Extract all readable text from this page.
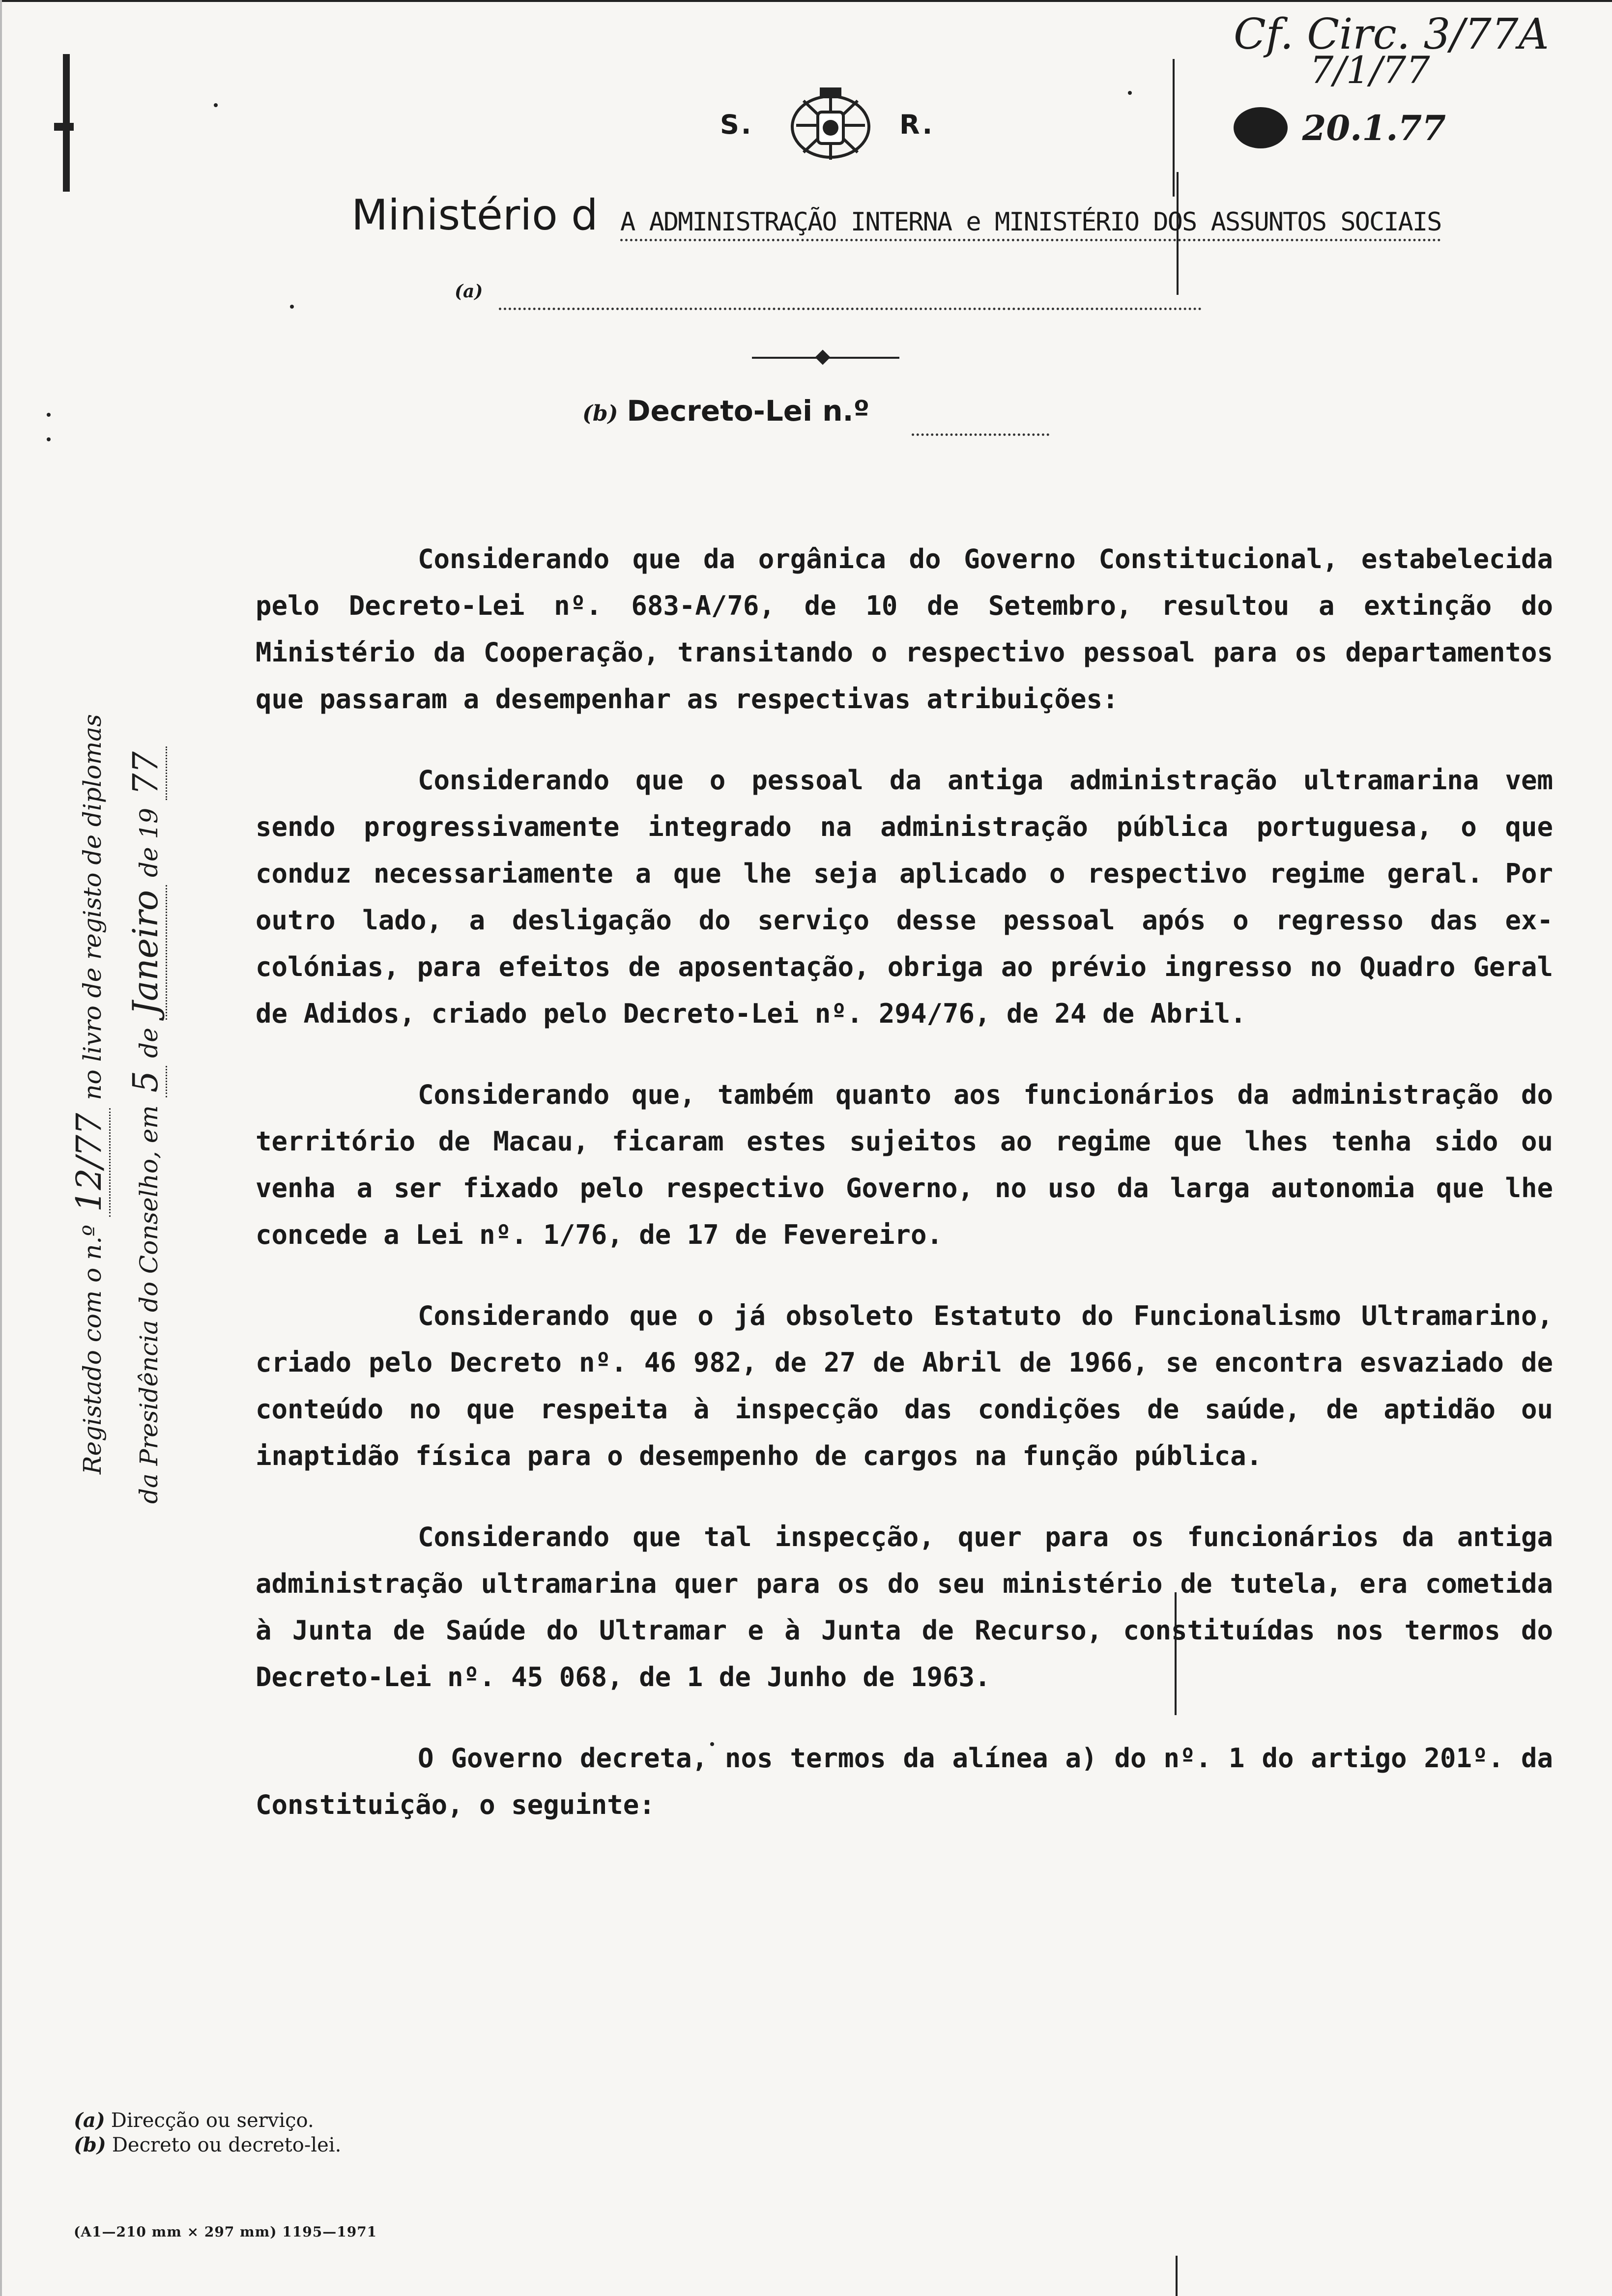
S.	R.
Cf. Circ. 3/77A
7/1/77
20.1.77
Ministério d A ADMINISTRAÇÃO INTERNA e MINISTÉRIO DOS ASSUNTOS SOCIAIS
(a)
(b) Decreto-Lei n.º

Considerando que da orgânica do Governo Constitucional, estabelecida pelo Decreto-Lei nº. 683-A/76, de 10 de Setembro, resultou a extinção do Ministério da Cooperação, transitando o respectivo pessoal para os departamentos que passaram a desempenhar as respectivas atribuições:

Considerando que o pessoal da antiga administração ultramarina vem sendo progressivamente integrado na administração pública portuguesa, o que conduz necessariamente a que lhe seja aplicado o respectivo regime geral. Por outro lado, a desligação do serviço desse pessoal após o regresso das ex-colónias, para efeitos de aposentação, obriga ao prévio ingresso no Quadro Geral de Adidos, criado pelo Decreto-Lei nº. 294/76, de 24 de Abril.

Considerando que, também quanto aos funcionários da administração do território de Macau, ficaram estes sujeitos ao regime que lhes tenha sido ou venha a ser fixado pelo respectivo Governo, no uso da larga autonomia que lhe concede a Lei nº. 1/76, de 17 de Fevereiro.

Considerando que o já obsoleto Estatuto do Funcionalismo Ultramarino, criado pelo Decreto nº. 46 982, de 27 de Abril de 1966, se encontra esvaziado de conteúdo no que respeita à inspecção das condições de saúde, de aptidão ou inaptidão física para o desempenho de cargos na função pública.

Considerando que tal inspecção, quer para os funcionários da antiga administração ultramarina quer para os do seu ministério de tutela, era cometida à Junta de Saúde do Ultramar e à Junta de Recurso, constituídas nos termos do Decreto-Lei nº. 45 068, de 1 de Junho de 1963.

O Governo decreta, nos termos da alínea a) do nº. 1 do artigo 201º. da Constituição, o seguinte:

Registado com o n.º 12/77 no livro de registo de diplomas
da Presidência do Conselho, em 5 de Janeiro de 19 77
(a) Direcção ou serviço.
(b) Decreto ou decreto-lei.
(A1—210 mm × 297 mm) 1195—1971
